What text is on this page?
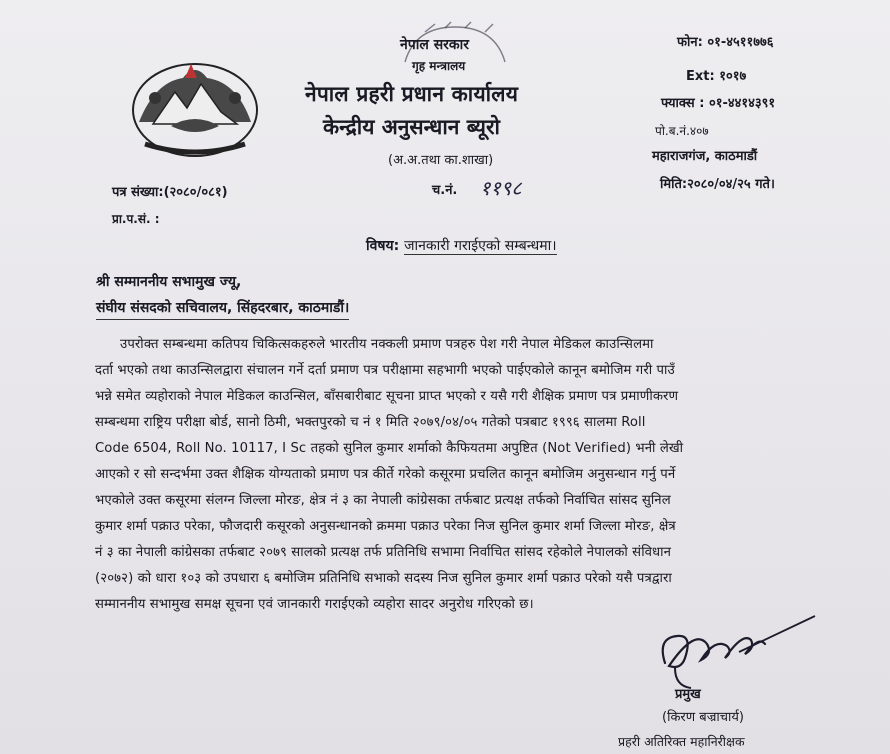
नेपाल सरकार
गृह मन्त्रालय
नेपाल प्रहरी प्रधान कार्यालय
केन्द्रीय अनुसन्धान ब्यूरो
(अ.अ.तथा का.शाखा)
फोन: ०१-४५११७७६
Ext: १०१७
फ्याक्स : ०१-४४१४३९१
पो.ब.नं.४०७
महाराजगंज, काठमाडौं
मिति:२०८०/०४/२५ गते।
पत्र संख्या:(२०८०/०८१)
प्रा.प.सं. :
च.नं. ११९८
विषय: जानकारी गराईएको सम्बन्धमा।
श्री सम्माननीय सभामुख ज्यू,
संघीय संसदको सचिवालय, सिंहदरबार, काठमाडौं।
उपरोक्त सम्बन्धमा कतिपय चिकित्सकहरुले भारतीय नक्कली प्रमाण पत्रहरु पेश गरी नेपाल मेडिकल काउन्सिलमा
दर्ता भएको तथा काउन्सिलद्वारा संचालन गर्ने दर्ता प्रमाण पत्र परीक्षामा सहभागी भएको पाईएकोले कानून बमोजिम गरी पाउँ
भन्ने समेत व्यहोराको नेपाल मेडिकल काउन्सिल, बाँसबारीबाट सूचना प्राप्त भएको र यसै गरी शैक्षिक प्रमाण पत्र प्रमाणीकरण
सम्बन्धमा राष्ट्रिय परीक्षा बोर्ड, सानो ठिमी, भक्तपुरको च नं १ मिति २०७९/०४/०५ गतेको पत्रबाट १९९६ सालमा Roll
Code 6504, Roll No. 10117, I Sc तहको सुनिल कुमार शर्माको कैफियतमा अपुष्टित (Not Verified) भनी लेखी
आएको र सो सन्दर्भमा उक्त शैक्षिक योग्यताको प्रमाण पत्र कीर्ते गरेको कसूरमा प्रचलित कानून बमोजिम अनुसन्धान गर्नु पर्ने
भएकोले उक्त कसूरमा संलग्न जिल्ला मोरङ, क्षेत्र नं ३ का नेपाली कांग्रेसका तर्फबाट प्रत्यक्ष तर्फको निर्वाचित सांसद सुनिल
कुमार शर्मा पक्राउ परेका, फौजदारी कसूरको अनुसन्धानको क्रममा पक्राउ परेका निज सुनिल कुमार शर्मा जिल्ला मोरङ, क्षेत्र
नं ३ का नेपाली कांग्रेसका तर्फबाट २०७९ सालको प्रत्यक्ष तर्फ प्रतिनिधि सभामा निर्वाचित सांसद रहेकोले नेपालको संविधान
(२०७२) को धारा १०३ को उपधारा ६ बमोजिम प्रतिनिधि सभाको सदस्य निज सुनिल कुमार शर्मा पक्राउ परेको यसै पत्रद्वारा
सम्माननीय सभामुख समक्ष सूचना एवं जानकारी गराईएको व्यहोरा सादर अनुरोध गरिएको छ।
प्रमुख
(किरण बज्राचार्य)
प्रहरी अतिरिक्त महानिरीक्षक
